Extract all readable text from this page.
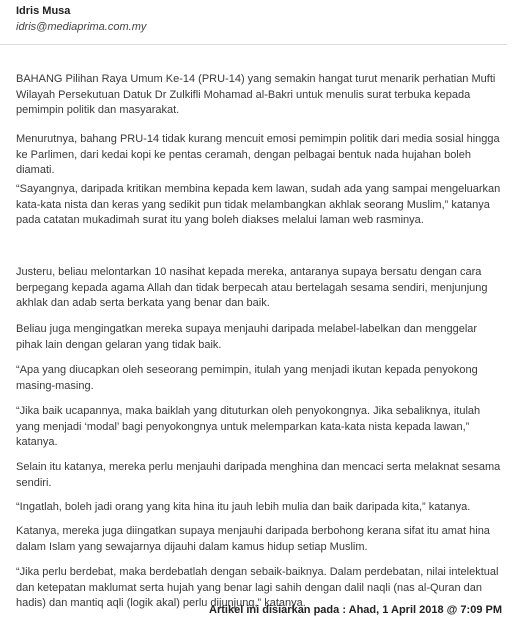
Idris Musa
idris@mediaprima.com.my

BAHANG Pilihan Raya Umum Ke-14 (PRU-14) yang semakin hangat turut menarik perhatian Mufti Wilayah Persekutuan Datuk Dr Zulkifli Mohamad al-Bakri untuk menulis surat terbuka kepada pemimpin politik dan masyarakat.

Menurutnya, bahang PRU-14 tidak kurang mencuit emosi pemimpin politik dari media sosial hingga ke Parlimen, dari kedai kopi ke pentas ceramah, dengan pelbagai bentuk nada hujahan boleh diamati.

“Sayangnya, daripada kritikan membina kepada kem lawan, sudah ada yang sampai mengeluarkan kata-kata nista dan keras yang sedikit pun tidak melambangkan akhlak seorang Muslim,” katanya pada catatan mukadimah surat itu yang boleh diakses melalui laman web rasminya.

Justeru, beliau melontarkan 10 nasihat kepada mereka, antaranya supaya bersatu dengan cara berpegang kepada agama Allah dan tidak berpecah atau bertelagah sesama sendiri, menjunjung akhlak dan adab serta berkata yang benar dan baik.

Beliau juga mengingatkan mereka supaya menjauhi daripada melabel-labelkan dan menggelar pihak lain dengan gelaran yang tidak baik.

“Apa yang diucapkan oleh seseorang pemimpin, itulah yang menjadi ikutan kepada penyokong masing-masing.

“Jika baik ucapannya, maka baiklah yang dituturkan oleh penyokongnya. Jika sebaliknya, itulah yang menjadi ‘modal’ bagi penyokongnya untuk melemparkan kata-kata nista kepada lawan,” katanya.

Selain itu katanya, mereka perlu menjauhi daripada menghina dan mencaci serta melaknat sesama sendiri.

“Ingatlah, boleh jadi orang yang kita hina itu jauh lebih mulia dan baik daripada kita,” katanya.

Katanya, mereka juga diingatkan supaya menjauhi daripada berbohong kerana sifat itu amat hina dalam Islam yang sewajarnya dijauhi dalam kamus hidup setiap Muslim.

“Jika perlu berdebat, maka berdebatlah dengan sebaik-baiknya. Dalam perdebatan, nilai intelektual dan ketepatan maklumat serta hujah yang benar lagi sahih dengan dalil naqli (nas al-Quran dan hadis) dan mantiq aqli (logik akal) perlu dijunjung,” katanya.

Artikel ini disiarkan pada : Ahad, 1 April 2018 @ 7:09 PM
